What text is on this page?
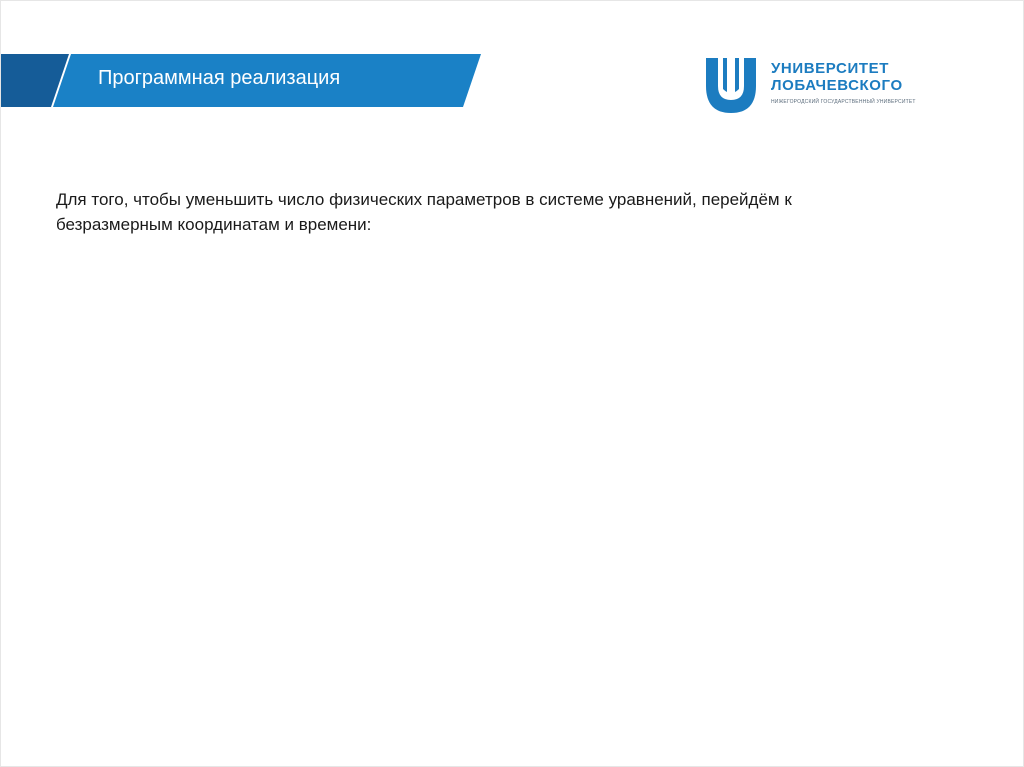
Программная реализация	УНИВЕРСИТЕТ
ЛОБАЧЕВСКОГО
НИЖЕГОРОДСКИЙ ГОСУДАРСТВЕННЫЙ УНИВЕРСИТЕТ

Для того, чтобы уменьшить число физических параметров в системе уравнений, перейдём к безразмерным координатам и времени:
